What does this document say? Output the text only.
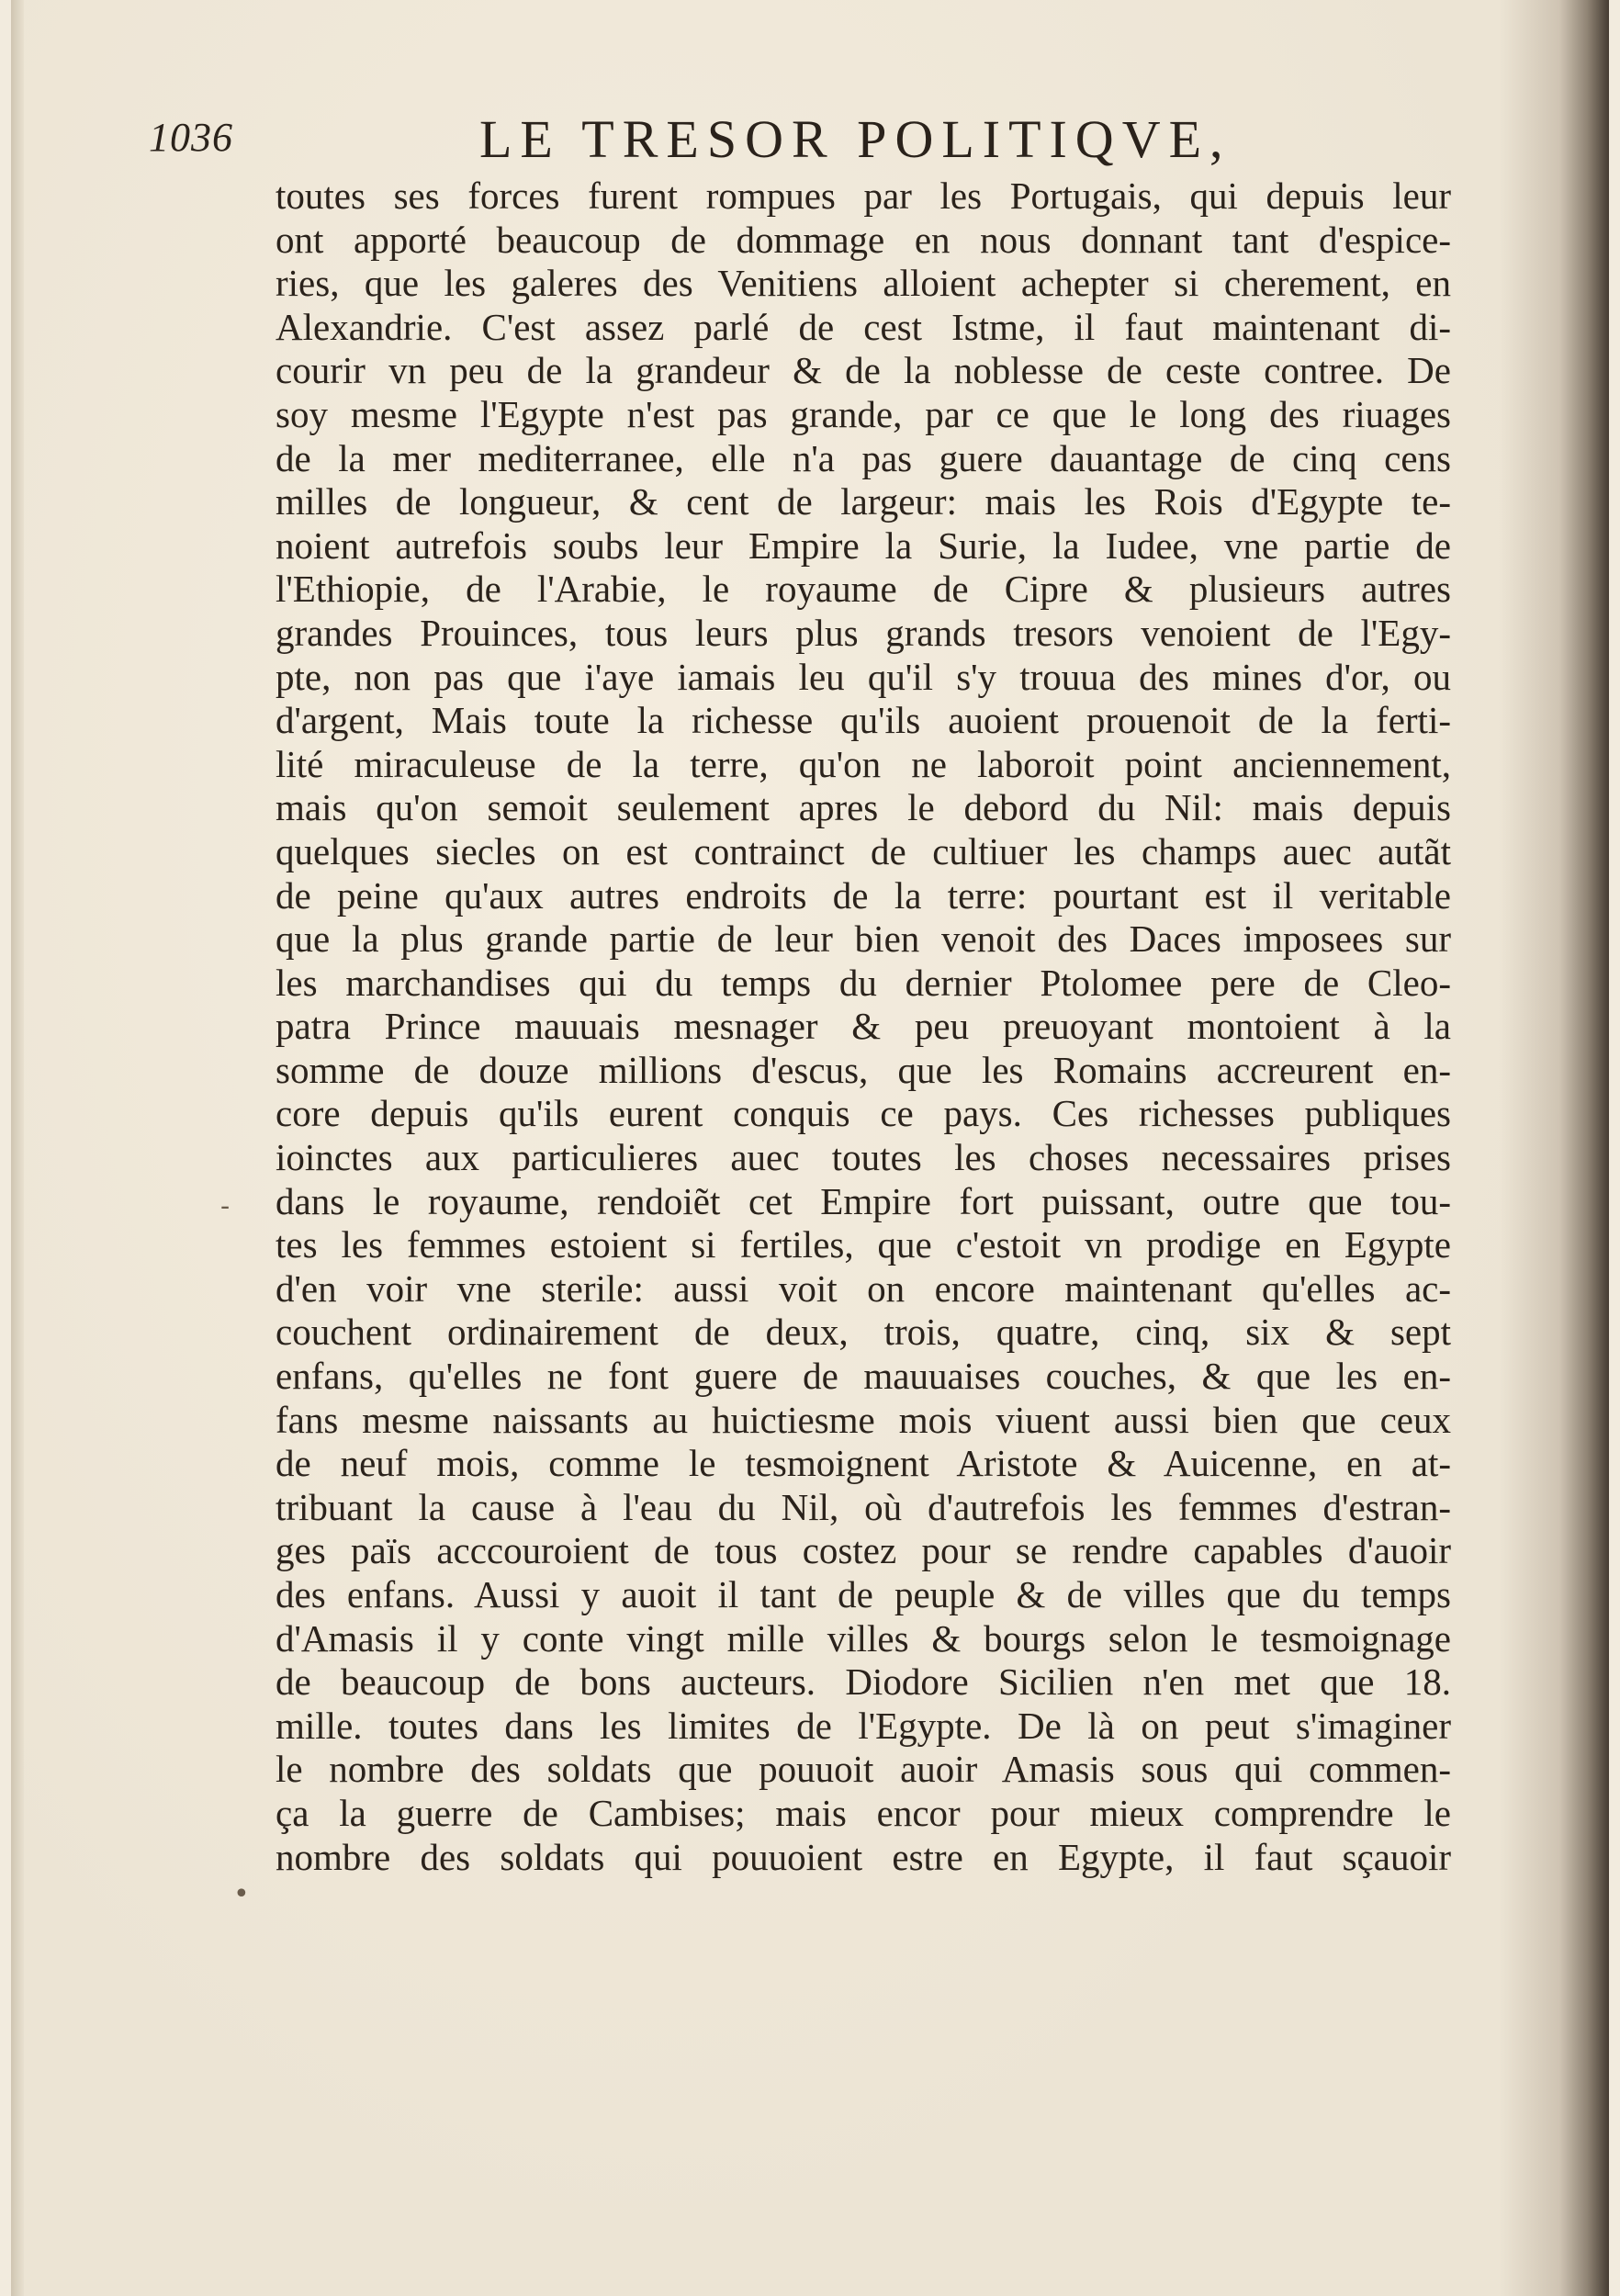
1036	LE TRESOR POLITIQVE,
toutes ses forces furent rompues par les Portugais, qui depuis leur
ont apporté beaucoup de dommage en nous donnant tant d'espice-
ries, que les galeres des Venitiens alloient achepter si cherement, en
Alexandrie. C'est assez parlé de cest Istme, il faut maintenant di-
courir vn peu de la grandeur & de la noblesse de ceste contree. De
soy mesme l'Egypte n'est pas grande, par ce que le long des riuages
de la mer mediterranee, elle n'a pas guere dauantage de cinq cens
milles de longueur, & cent de largeur: mais les Rois d'Egypte te-
noient autrefois soubs leur Empire la Surie, la Iudee, vne partie de
l'Ethiopie, de l'Arabie, le royaume de Cipre & plusieurs autres
grandes Prouinces, tous leurs plus grands tresors venoient de l'Egy-
pte, non pas que i'aye iamais leu qu'il s'y trouua des mines d'or, ou
d'argent, Mais toute la richesse qu'ils auoient prouenoit de la ferti-
lité miraculeuse de la terre, qu'on ne laboroit point anciennement,
mais qu'on semoit seulement apres le debord du Nil: mais depuis
quelques siecles on est contrainct de cultiuer les champs auec autãt
de peine qu'aux autres endroits de la terre: pourtant est il veritable
que la plus grande partie de leur bien venoit des Daces imposees sur
les marchandises qui du temps du dernier Ptolomee pere de Cleo-
patra Prince mauuais mesnager & peu preuoyant montoient à la
somme de douze millions d'escus, que les Romains accreurent en-
core depuis qu'ils eurent conquis ce pays. Ces richesses publiques
ioinctes aux particulieres auec toutes les choses necessaires prises
dans le royaume, rendoiẽt cet Empire fort puissant, outre que tou-
tes les femmes estoient si fertiles, que c'estoit vn prodige en Egypte
d'en voir vne sterile: aussi voit on encore maintenant qu'elles ac-
couchent ordinairement de deux, trois, quatre, cinq, six & sept
enfans, qu'elles ne font guere de mauuaises couches, & que les en-
fans mesme naissants au huictiesme mois viuent aussi bien que ceux
de neuf mois, comme le tesmoignent Aristote & Auicenne, en at-
tribuant la cause à l'eau du Nil, où d'autrefois les femmes d'estran-
ges païs acccouroient de tous costez pour se rendre capables d'auoir
des enfans. Aussi y auoit il tant de peuple & de villes que du temps
d'Amasis il y conte vingt mille villes & bourgs selon le tesmoignage
de beaucoup de bons aucteurs. Diodore Sicilien n'en met que 18.
mille. toutes dans les limites de l'Egypte. De là on peut s'imaginer
le nombre des soldats que pouuoit auoir Amasis sous qui commen-
ça la guerre de Cambises; mais encor pour mieux comprendre le
nombre des soldats qui pouuoient estre en Egypte, il faut sçauoir
-
•
